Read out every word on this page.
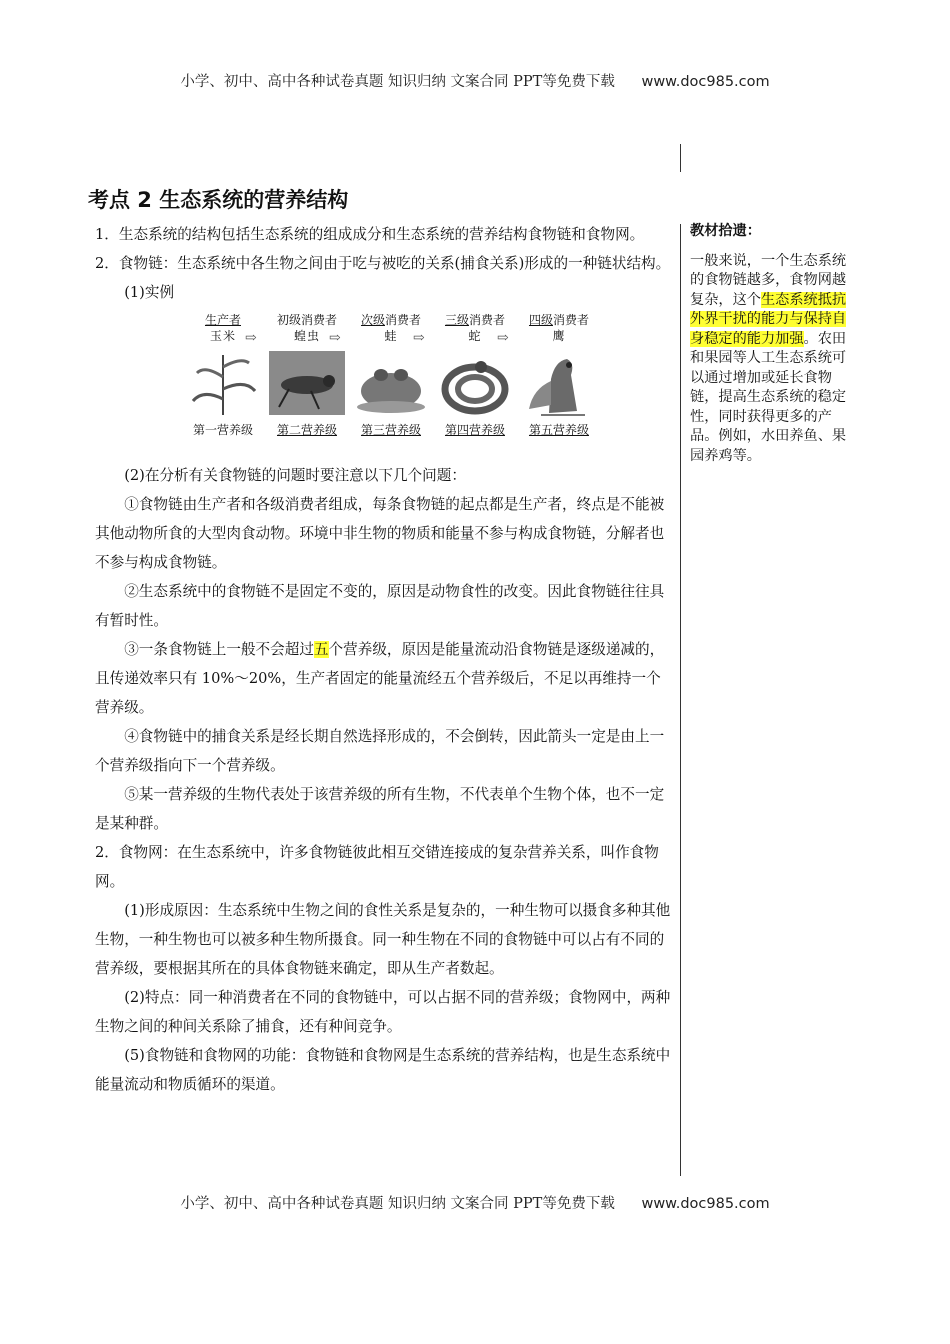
小学、初中、高中各种试卷真题 知识归纳 文案合同 PPT等免费下载 www.doc985.com
考点 2 生态系统的营养结构

1．生态系统的结构包括生态系统的组成成分和生态系统的营养结构食物链和食物网。

2．食物链：生态系统中各生物之间由于吃与被吃的关系(捕食关系)形成的一种链状结构。

(1)实例

生产者
玉米 ⇨
初级消费者
蝗虫 ⇨
次级消费者
蛙	⇨
三级消费者
蛇	⇨
四级消费者
鹰
第一营养级	第二营养级	第三营养级	第四营养级	第五营养级

(2)在分析有关食物链的问题时要注意以下几个问题：

①食物链由生产者和各级消费者组成，每条食物链的起点都是生产者，终点是不能被其他动物所食的大型肉食动物。环境中非生物的物质和能量不参与构成食物链，分解者也不参与构成食物链。

②生态系统中的食物链不是固定不变的，原因是动物食性的改变。因此食物链往往具有暂时性。

③一条食物链上一般不会超过五个营养级，原因是能量流动沿食物链是逐级递减的，且传递效率只有 10%～20%，生产者固定的能量流经五个营养级后，不足以再维持一个营养级。

④食物链中的捕食关系是经长期自然选择形成的，不会倒转，因此箭头一定是由上一个营养级指向下一个营养级。

⑤某一营养级的生物代表处于该营养级的所有生物，不代表单个生物个体，也不一定是某种群。

2．食物网：在生态系统中，许多食物链彼此相互交错连接成的复杂营养关系，叫作食物网。

(1)形成原因：生态系统中生物之间的食性关系是复杂的，一种生物可以摄食多种其他生物，一种生物也可以被多种生物所摄食。同一种生物在不同的食物链中可以占有不同的营养级，要根据其所在的具体食物链来确定，即从生产者数起。

(2)特点：同一种消费者在不同的食物链中，可以占据不同的营养级；食物网中，两种生物之间的种间关系除了捕食，还有种间竞争。

(5)食物链和食物网的功能：食物链和食物网是生态系统的营养结构，也是生态系统中能量流动和物质循环的渠道。

教材拾遗：
一般来说，一个生态系统的食物链越多，食物网越复杂，这个生态系统抵抗外界干扰的能力与保持自身稳定的能力加强。农田和果园等人工生态系统可以通过增加或延长食物链，提高生态系统的稳定性，同时获得更多的产品。例如，水田养鱼、果园养鸡等。
小学、初中、高中各种试卷真题 知识归纳 文案合同 PPT等免费下载 www.doc985.com
